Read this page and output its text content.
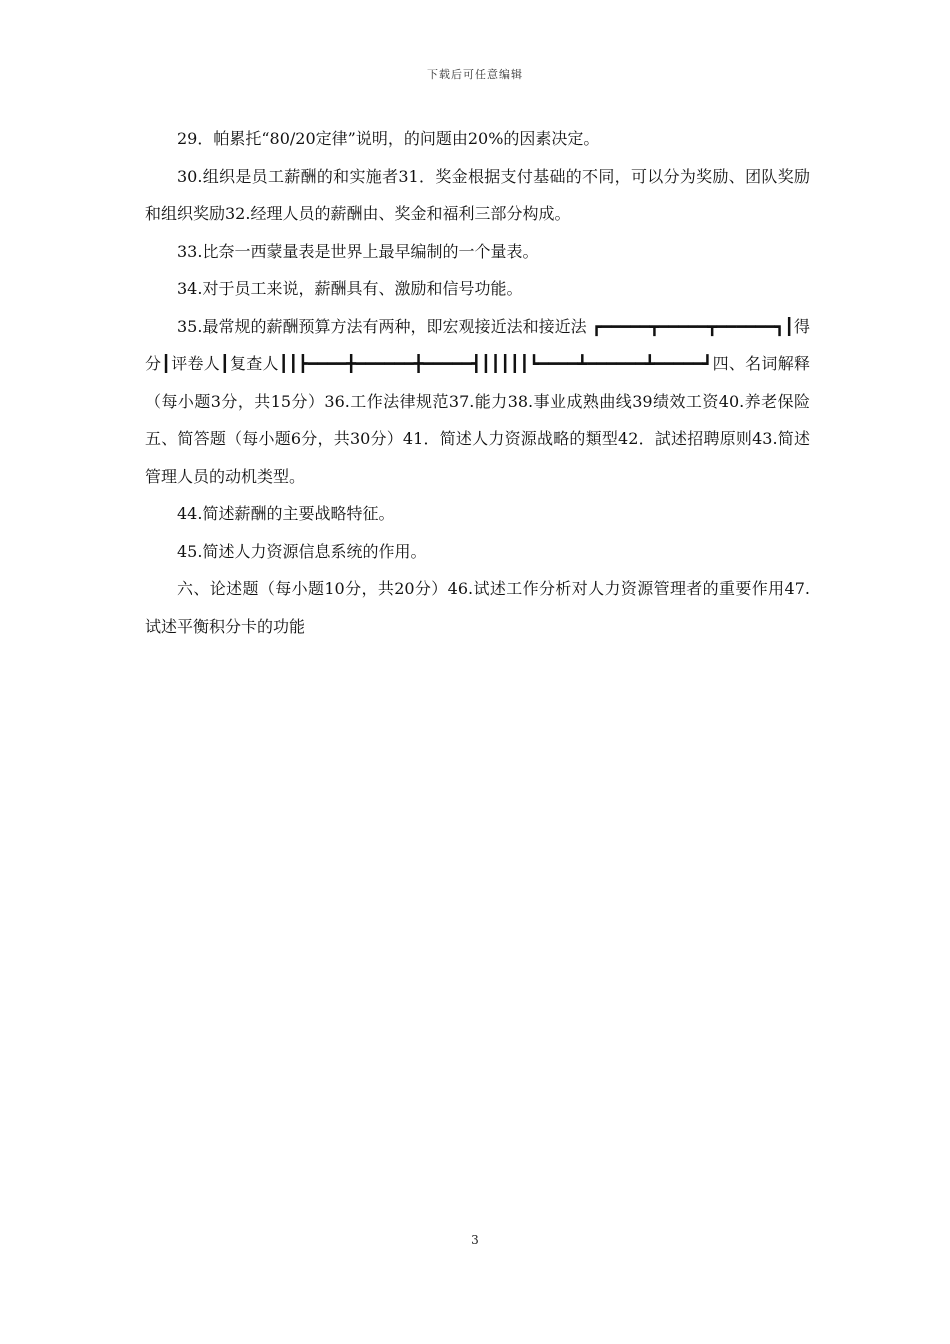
下载后可任意编辑

29．帕累托“80/20定律”说明，的问题由20%的因素决定。

30.组织是员工薪酬的和实施者31．奖金根据支付基础的不同，可以分为奖励、团队奖励和组织奖励32.经理人员的薪酬由、奖金和福利三部分构成。

33.比奈一西蒙量表是世界上最早编制的一个量表。

34.对于员工来说，薪酬具有、激励和信号功能。

35.最常规的薪酬预算方法有两种，即宏观接近法和接近法 ┏━━━━━┳━━━━━┳━━━━━━┓┃得分┃评卷人┃复查人┃┃┣━━━━╋━━━━━━╋━━━━━┫┃┃┃┃┃┗━━━━┻━━━━━━┻━━━━━┛四、名词解释（每小题3分，共15分）36.工作法律规范37.能力38.事业成熟曲线39绩效工资40.养老保险五、简答题（每小题6分，共30分）41．简述人力资源战略的類型42．試述招聘原则43.简述管理人员的动机类型。

44.简述薪酬的主要战略特征。

45.简述人力资源信息系统的作用。

六、论述题（每小题10分，共20分）46.试述工作分析对人力资源管理者的重要作用47.试述平衡积分卡的功能

3
